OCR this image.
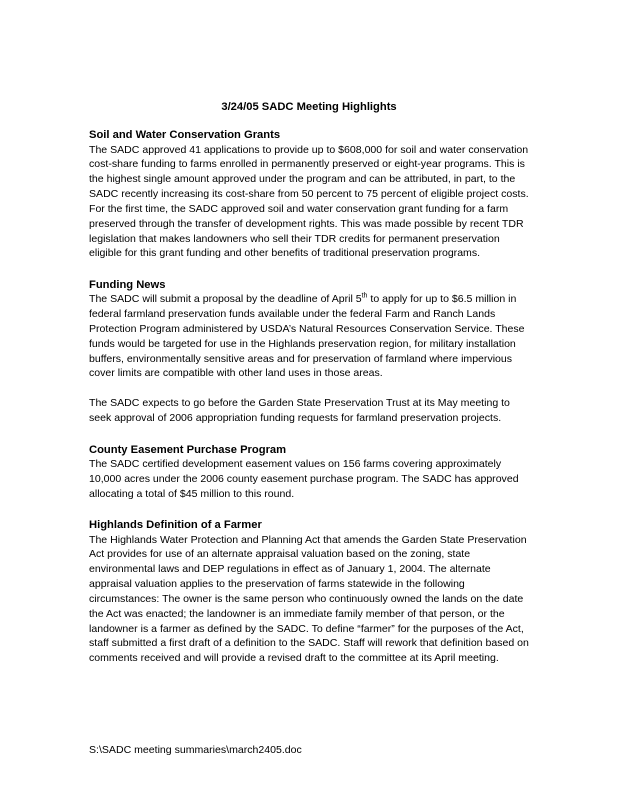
3/24/05 SADC Meeting Highlights
Soil and Water Conservation Grants

The SADC approved 41 applications to provide up to $608,000 for soil and water conservation cost-share funding to farms enrolled in permanently preserved or eight-year programs. This is the highest single amount approved under the program and can be attributed, in part, to the SADC recently increasing its cost-share from 50 percent to 75 percent of eligible project costs. For the first time, the SADC approved soil and water conservation grant funding for a farm preserved through the transfer of development rights. This was made possible by recent TDR legislation that makes landowners who sell their TDR credits for permanent preservation eligible for this grant funding and other benefits of traditional preservation programs.

Funding News

The SADC will submit a proposal by the deadline of April 5th to apply for up to $6.5 million in federal farmland preservation funds available under the federal Farm and Ranch Lands Protection Program administered by USDA’s Natural Resources Conservation Service. These funds would be targeted for use in the Highlands preservation region, for military installation buffers, environmentally sensitive areas and for preservation of farmland where impervious cover limits are compatible with other land uses in those areas.

The SADC expects to go before the Garden State Preservation Trust at its May meeting to seek approval of 2006 appropriation funding requests for farmland preservation projects.

County Easement Purchase Program

The SADC certified development easement values on 156 farms covering approximately 10,000 acres under the 2006 county easement purchase program. The SADC has approved allocating a total of $45 million to this round.

Highlands Definition of a Farmer

The Highlands Water Protection and Planning Act that amends the Garden State Preservation Act provides for use of an alternate appraisal valuation based on the zoning, state environmental laws and DEP regulations in effect as of January 1, 2004. The alternate appraisal valuation applies to the preservation of farms statewide in the following circumstances: The owner is the same person who continuously owned the lands on the date the Act was enacted; the landowner is an immediate family member of that person, or the landowner is a farmer as defined by the SADC. To define “farmer” for the purposes of the Act, staff submitted a first draft of a definition to the SADC. Staff will rework that definition based on comments received and will provide a revised draft to the committee at its April meeting.

S:\SADC meeting summaries\march2405.doc
